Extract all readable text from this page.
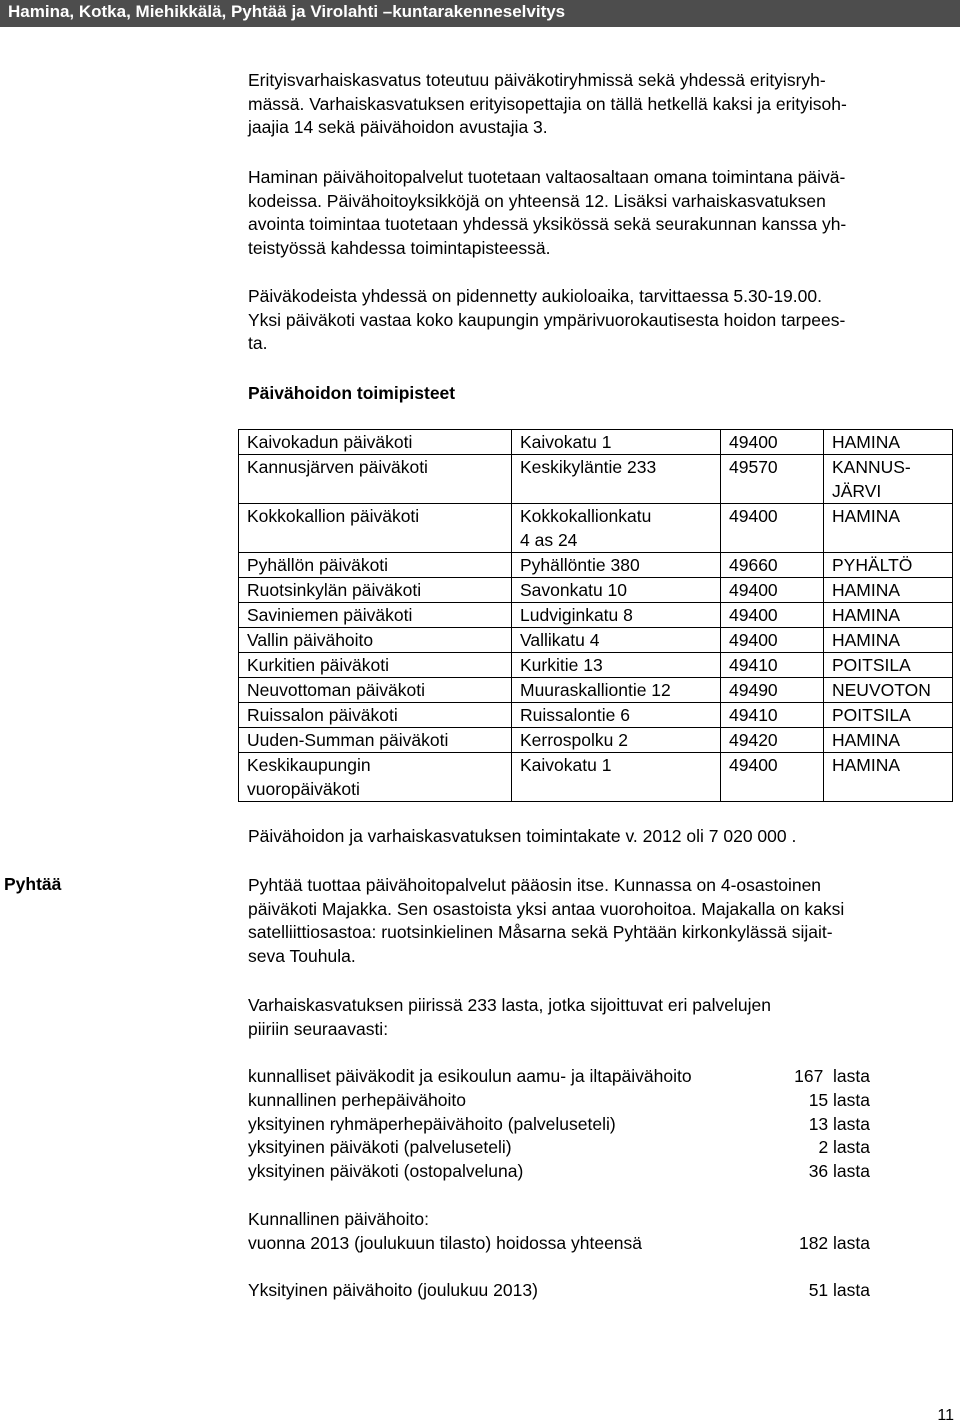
Hamina, Kotka, Miehikkälä, Pyhtää ja Virolahti –kuntarakenneselvitys
Erityisvarhaiskasvatus toteutuu päiväkotiryhmissä sekä yhdessä erityisryh-
mässä. Varhaiskasvatuksen erityisopettajia on tällä hetkellä kaksi ja erityisoh-
jaajia 14 sekä päivähoidon avustajia 3.
Haminan päivähoitopalvelut tuotetaan valtaosaltaan omana toimintana päivä-
kodeissa. Päivähoitoyksikköjä on yhteensä 12. Lisäksi varhaiskasvatuksen
avointa toimintaa tuotetaan yhdessä yksikössä sekä seurakunnan kanssa yh-
teistyössä kahdessa toimintapisteessä.
Päiväkodeista yhdessä on pidennetty aukioloaika, tarvittaessa 5.30-19.00.
Yksi päiväkoti vastaa koko kaupungin ympärivuorokautisesta hoidon tarpees-
ta.
Päivähoidon toimipisteet
Kaivokadun päiväkoti	Kaivokatu 1	49400	HAMINA
Kannusjärven päiväkoti	Keskikyläntie 233	49570	KANNUS-
JÄRVI
Kokkokallion päiväkoti	Kokkokallionkatu
4 as 24	49400	HAMINA
Pyhällön päiväkoti	Pyhällöntie 380	49660	PYHÄLTÖ
Ruotsinkylän päiväkoti	Savonkatu 10	49400	HAMINA
Saviniemen päiväkoti	Ludviginkatu 8	49400	HAMINA
Vallin päivähoito	Vallikatu 4	49400	HAMINA
Kurkitien päiväkoti	Kurkitie 13	49410	POITSILA
Neuvottoman päiväkoti	Muuraskalliontie 12	49490	NEUVOTON
Ruissalon päiväkoti	Ruissalontie 6	49410	POITSILA
Uuden-Summan päiväkoti	Kerrospolku 2	49420	HAMINA
Keskikaupungin
vuoropäiväkoti	Kaivokatu 1	49400	HAMINA
Päivähoidon ja varhaiskasvatuksen toimintakate v. 2012 oli 7 020 000 .
Pyhtää	Pyhtää tuottaa päivähoitopalvelut pääosin itse. Kunnassa on 4-osastoinen
päiväkoti Majakka. Sen osastoista yksi antaa vuorohoitoa. Majakalla on kaksi
satelliittiosastoa: ruotsinkielinen Måsarna sekä Pyhtään kirkonkylässä sijait-
seva Touhula.
Varhaiskasvatuksen piirissä 233 lasta, jotka sijoittuvat eri palvelujen
piiriin seuraavasti:
kunnalliset päiväkodit ja esikoulun aamu- ja iltapäivähoito	167  lasta
kunnallinen perhepäivähoito	15 lasta
yksityinen ryhmäperhepäivähoito (palveluseteli)	13 lasta
yksityinen päiväkoti (palveluseteli)	2 lasta
yksityinen päiväkoti (ostopalveluna)	36 lasta
Kunnallinen päivähoito:
vuonna 2013 (joulukuun tilasto) hoidossa yhteensä	182 lasta
Yksityinen päivähoito (joulukuu 2013)	51 lasta
11
